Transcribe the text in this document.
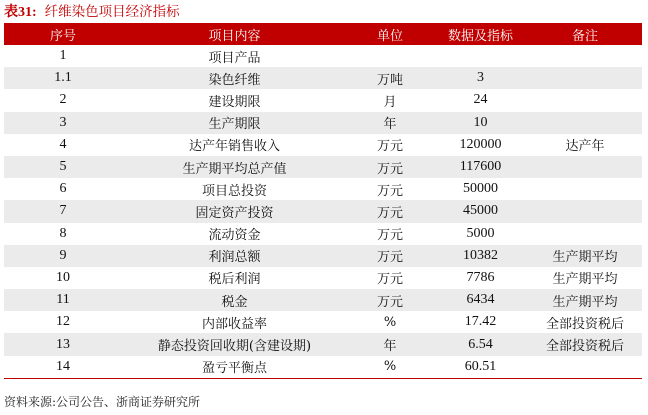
表31: 纤维染色项目经济指标
序号	项目内容	单位	数据及指标	备注
1	项目产品			
1.1	染色纤维	万吨	3	
2	建设期限	月	24	
3	生产期限	年	10	
4	达产年销售收入	万元	120000	达产年
5	生产期平均总产值	万元	117600	
6	项目总投资	万元	50000	
7	固定资产投资	万元	45000	
8	流动资金	万元	5000	
9	利润总额	万元	10382	生产期平均
10	税后利润	万元	7786	生产期平均
11	税金	万元	6434	生产期平均
12	内部收益率	%	17.42	全部投资税后
13	静态投资回收期(含建设期)	年	6.54	全部投资税后
14	盈亏平衡点	%	60.51	
资料来源:公司公告、浙商证券研究所
